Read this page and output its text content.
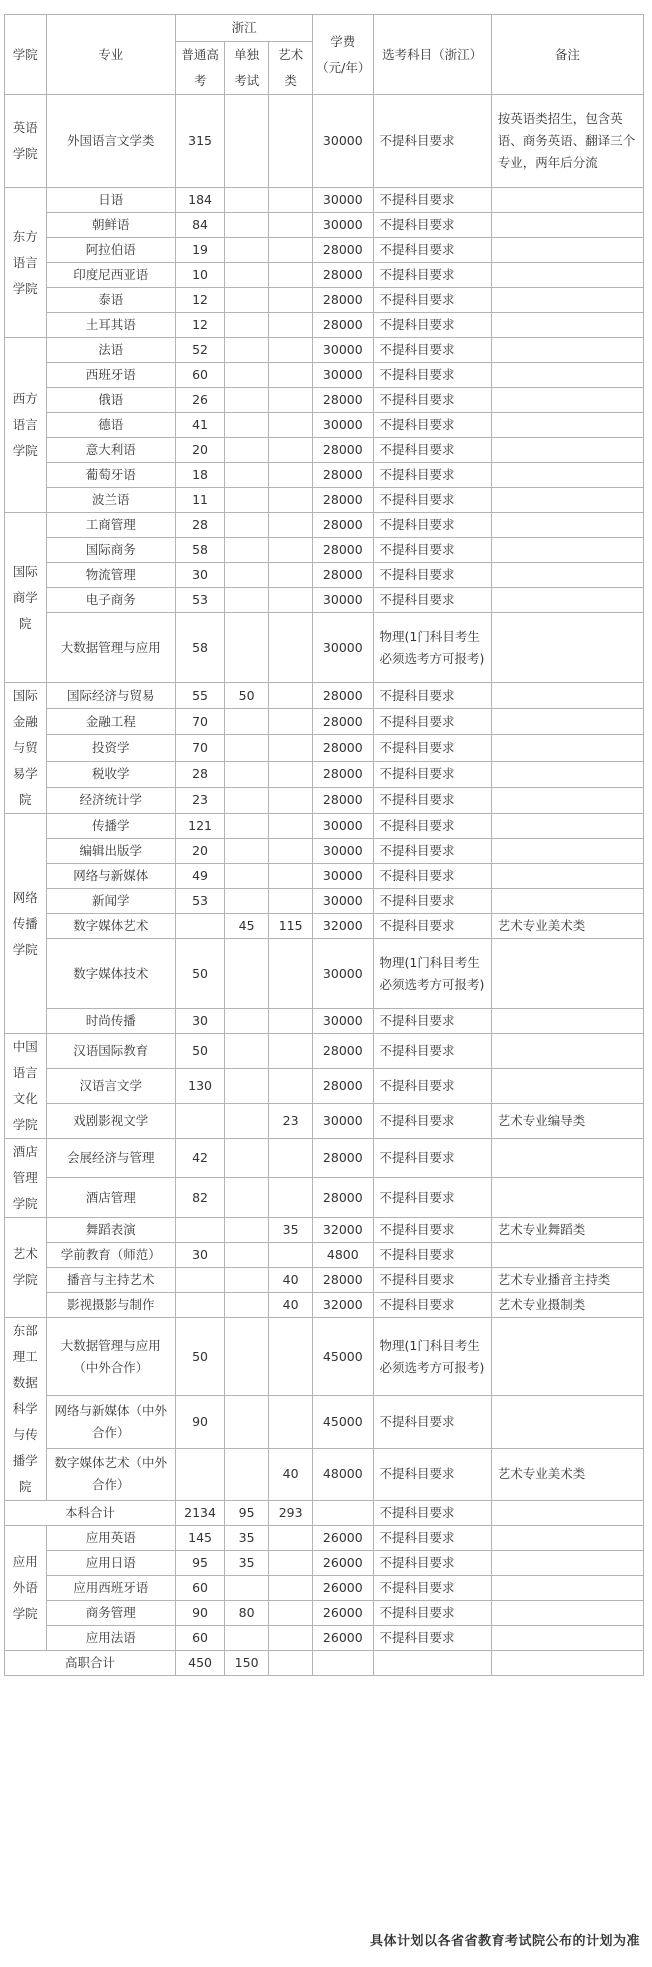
学院	专业	浙江			学费（元/年）	选考科目（浙江）	备注
		普通高考	单独考试	艺术类			
英语学院	外国语言文学类	315			30000	不提科目要求	按英语类招生，包含英语、商务英语、翻译三个专业，两年后分流
东方语言学院	日语	184			30000	不提科目要求	
	朝鲜语	84			30000	不提科目要求	
	阿拉伯语	19			28000	不提科目要求	
	印度尼西亚语	10			28000	不提科目要求	
	泰语	12			28000	不提科目要求	
	土耳其语	12			28000	不提科目要求	
西方语言学院	法语	52			30000	不提科目要求	
	西班牙语	60			30000	不提科目要求	
	俄语	26			28000	不提科目要求	
	德语	41			30000	不提科目要求	
	意大利语	20			28000	不提科目要求	
	葡萄牙语	18			28000	不提科目要求	
	波兰语	11			28000	不提科目要求	
国际商学院	工商管理	28			28000	不提科目要求	
	国际商务	58			28000	不提科目要求	
	物流管理	30			28000	不提科目要求	
	电子商务	53			30000	不提科目要求	
	大数据管理与应用	58			30000	物理(1门科目考生必须选考方可报考)	
国际金融与贸易学院	国际经济与贸易	55	50		28000	不提科目要求	
	金融工程	70			28000	不提科目要求	
	投资学	70			28000	不提科目要求	
	税收学	28			28000	不提科目要求	
	经济统计学	23			28000	不提科目要求	
网络传播学院	传播学	121			30000	不提科目要求	
	编辑出版学	20			30000	不提科目要求	
	网络与新媒体	49			30000	不提科目要求	
	新闻学	53			30000	不提科目要求	
	数字媒体艺术		45	115	32000	不提科目要求	艺术专业美术类
	数字媒体技术	50			30000	物理(1门科目考生必须选考方可报考)	
	时尚传播	30			30000	不提科目要求	
中国语言文化学院	汉语国际教育	50			28000	不提科目要求	
	汉语言文学	130			28000	不提科目要求	
	戏剧影视文学			23	30000	不提科目要求	艺术专业编导类
酒店管理学院	会展经济与管理	42			28000	不提科目要求	
	酒店管理	82			28000	不提科目要求	
艺术学院	舞蹈表演			35	32000	不提科目要求	艺术专业舞蹈类
	学前教育（师范）	30			4800	不提科目要求	
	播音与主持艺术			40	28000	不提科目要求	艺术专业播音主持类
	影视摄影与制作			40	32000	不提科目要求	艺术专业摄制类
东部理工数据科学与传播学院	大数据管理与应用（中外合作）	50			45000	物理(1门科目考生必须选考方可报考)	
	网络与新媒体（中外合作）	90			45000	不提科目要求	
	数字媒体艺术（中外合作）			40	48000	不提科目要求	艺术专业美术类
本科合计		2134	95	293		不提科目要求	
应用外语学院	应用英语	145	35		26000	不提科目要求	
	应用日语	95	35		26000	不提科目要求	
	应用西班牙语	60			26000	不提科目要求	
	商务管理	90	80		26000	不提科目要求	
	应用法语	60			26000	不提科目要求	
高职合计		450	150				
具体计划以各省省教育考试院公布的计划为准
